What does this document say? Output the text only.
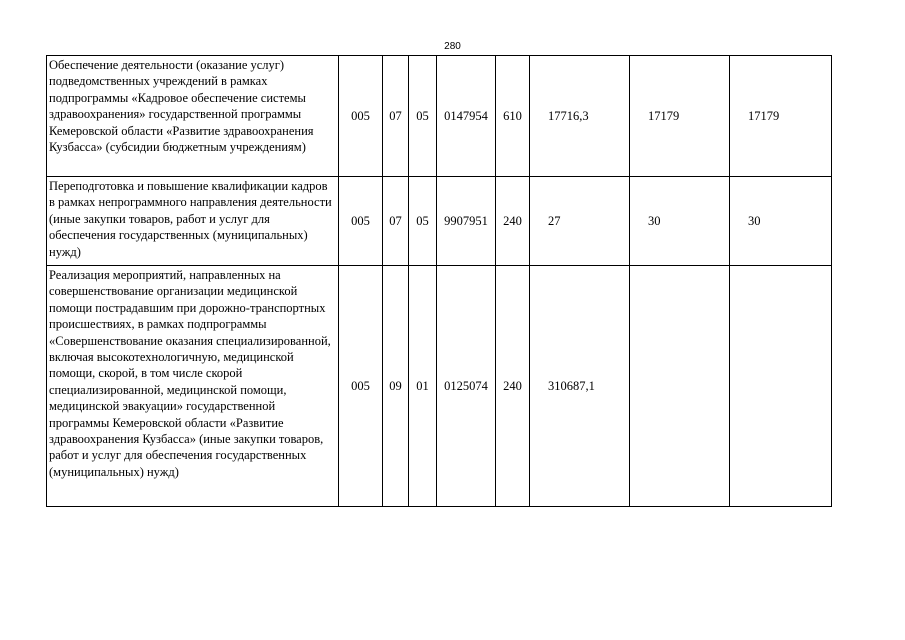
280
Обеспечение деятельности (оказание услуг) подведомственных учреждений в рамках подпрограммы «Кадровое обеспечение системы здравоохранения» государственной программы Кемеровской области «Развитие здравоохранения Кузбасса» (субсидии бюджетным учреждениям)	005	07	05	0147954	610	17716,3	17179	17179
Переподготовка и повышение квалификации кадров в рамках непрограммного направления деятельности (иные закупки товаров, работ и услуг для обеспечения государственных (муниципальных) нужд)	005	07	05	9907951	240	27	30	30
Реализация мероприятий, направленных на совершенствование организации медицинской помощи пострадавшим при дорожно-транспортных происшествиях, в рамках подпрограммы «Совершенствование оказания специализированной, включая высокотехнологичную, медицинской помощи, скорой, в том числе скорой специализированной, медицинской помощи, медицинской эвакуации» государственной программы Кемеровской области «Развитие здравоохранения Кузбасса» (иные закупки товаров, работ и услуг для обеспечения государственных (муниципальных) нужд)	005	09	01	0125074	240	310687,1		
